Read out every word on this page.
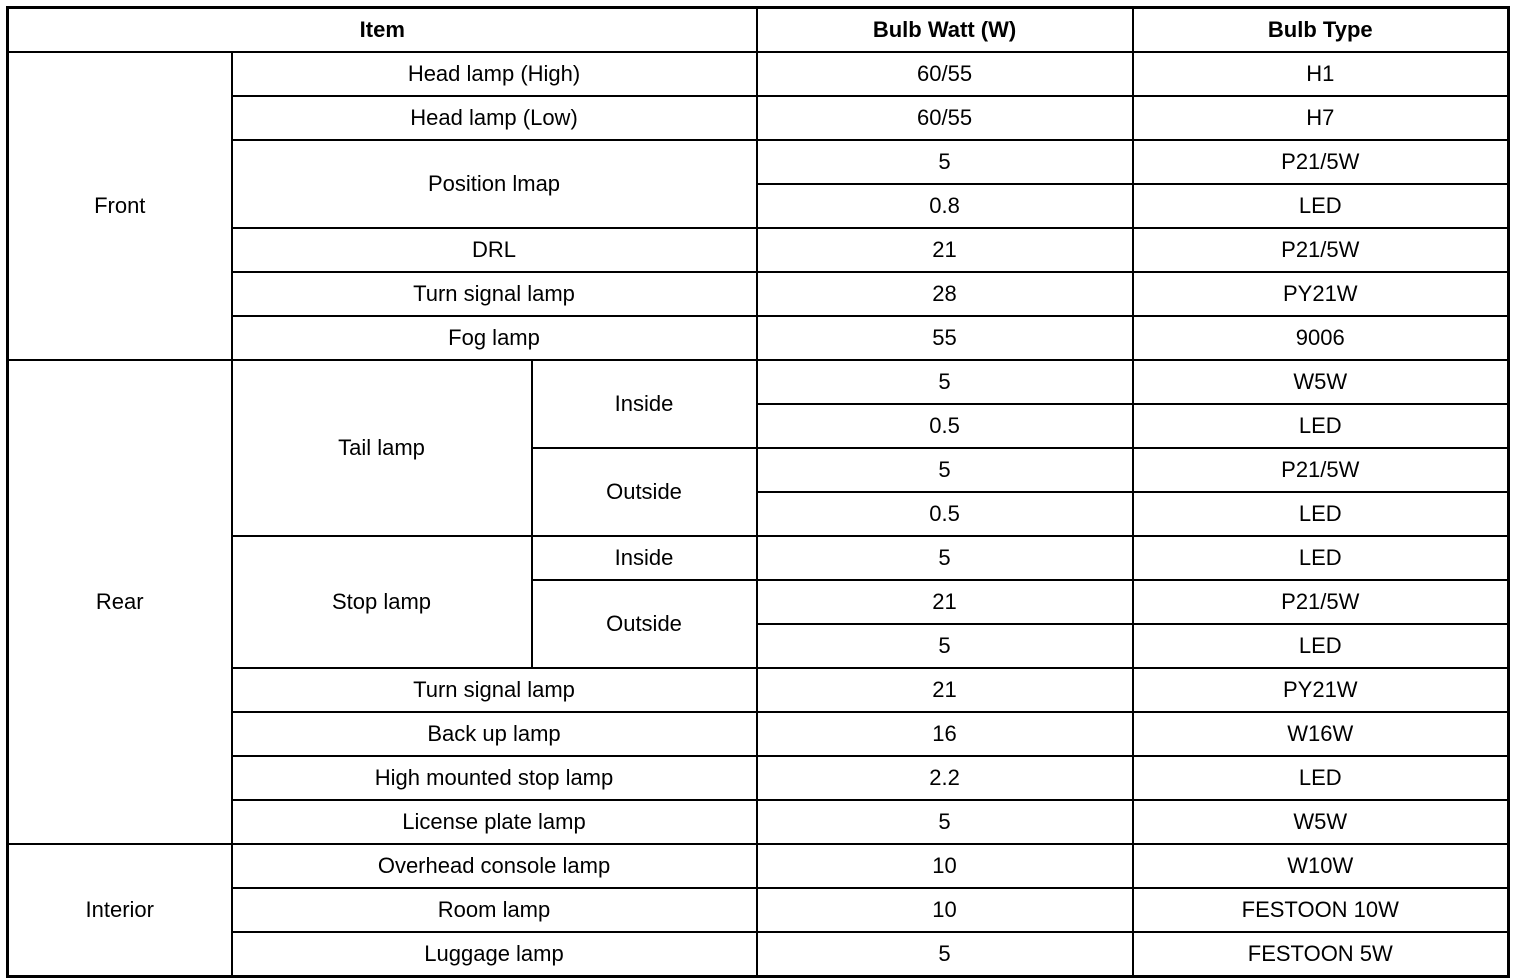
Item			Bulb Watt (W)	Bulb Type
Front	Head lamp (High)		60/55	H1
	Head lamp (Low)		60/55	H7
	Position lmap		5	P21/5W
			0.8	LED
	DRL		21	P21/5W
	Turn signal lamp		28	PY21W
	Fog lamp		55	9006
Rear	Tail lamp	Inside	5	W5W
			0.5	LED
		Outside	5	P21/5W
			0.5	LED
	Stop lamp	Inside	5	LED
		Outside	21	P21/5W
			5	LED
	Turn signal lamp		21	PY21W
	Back up lamp		16	W16W
	High mounted stop lamp		2.2	LED
	License plate lamp		5	W5W
Interior	Overhead console lamp		10	W10W
	Room lamp		10	FESTOON 10W
	Luggage lamp		5	FESTOON 5W
